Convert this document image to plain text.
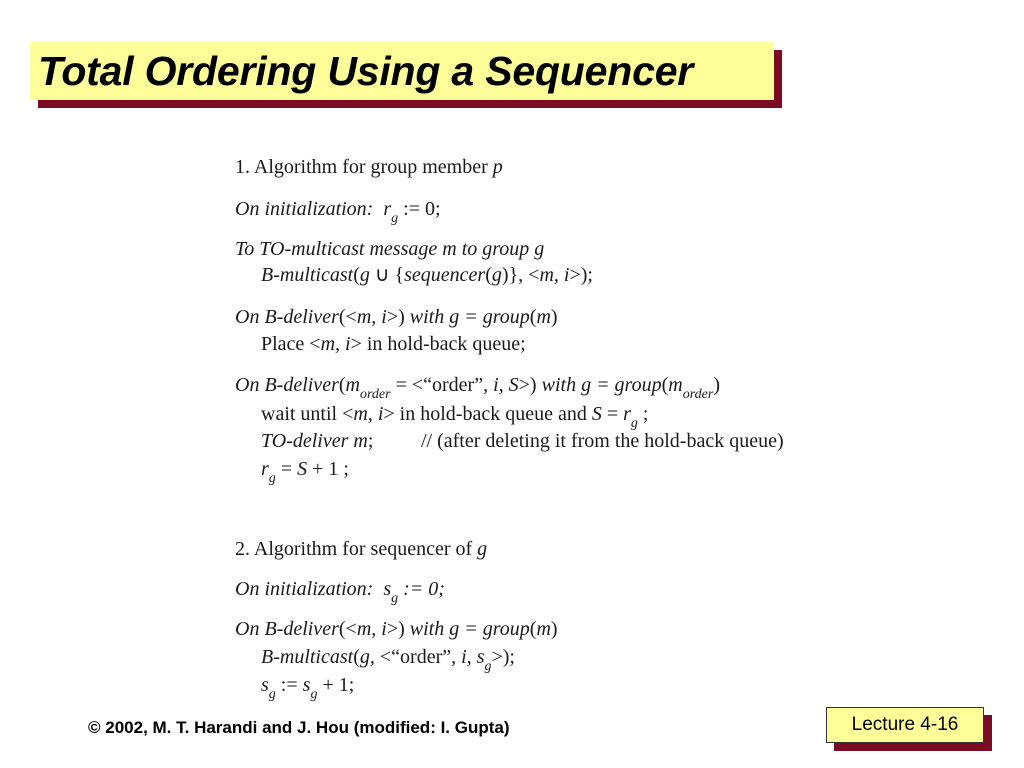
Total Ordering Using a Sequencer
1. Algorithm for group member p
On initialization: $r_g$ := 0;
To TO-multicast message m to group g
B-multicast(g ∪ {sequencer(g)}, <m, i>);
On B-deliver(<m, i>) with g = group(m)
Place <m, i> in hold-back queue;
On $B-deliver(m_{order}$ = <“order”, i, S>) with $g = group(m_{order})$
wait until <m, i> in hold-back queue and $S = r_g$ ;
TO-deliver m; // (after deleting it from the hold-back queue)
$r_g = S + 1$ ;
2. Algorithm for sequencer of g
On initialization: $s_g$ := 0;
On B-deliver(<m, i>) with g = group(m)
B-multicast(g, <“order”, i, $s_g>$);
$s_g$ := $s_g + 1$;
© 2002, M. T. Harandi and J. Hou (modified: I. Gupta)	Lecture 4-16
